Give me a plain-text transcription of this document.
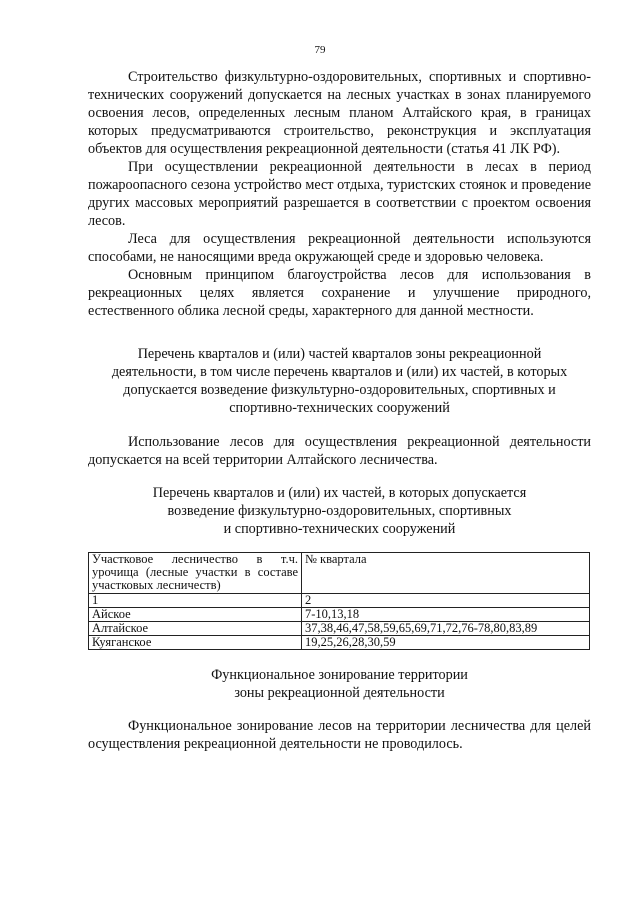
79

Строительство физкультурно-оздоровительных, спортивных и спортивно-технических сооружений допускается на лесных участках в зонах планируемого освоения лесов, определенных лесным планом Алтайского края, в границах которых предусматриваются строительство, реконструкция и эксплуатация объектов для осуществления рекреационной деятельности (статья 41 ЛК РФ).

При осуществлении рекреационной деятельности в лесах в период пожароопасного сезона устройство мест отдыха, туристских стоянок и проведение других массовых мероприятий разрешается в соответствии с проектом освоения лесов.

Леса для осуществления рекреационной деятельности используются способами, не наносящими вреда окружающей среде и здоровью человека.

Основным принципом благоустройства лесов для использования в рекреационных целях является сохранение и улучшение природного, естественного облика лесной среды, характерного для данной местности.

Перечень кварталов и (или) частей кварталов зоны рекреационной
деятельности, в том числе перечень кварталов и (или) их частей, в которых
допускается возведение физкультурно-оздоровительных, спортивных и
спортивно-технических сооружений

Использование лесов для осуществления рекреационной деятельности допускается на всей территории Алтайского лесничества.

Перечень кварталов и (или) их частей, в которых допускается
возведение физкультурно-оздоровительных, спортивных
и спортивно-технических сооружений
Участковое лесничество в т.ч. урочища (лесные участки в составе участковых лесничеств)	№ квартала
1	2
Айское	7-10,13,18
Алтайское	37,38,46,47,58,59,65,69,71,72,76-78,80,83,89
Куяганское	19,25,26,28,30,59
Функциональное зонирование территории
зоны рекреационной деятельности

Функциональное зонирование лесов на территории лесничества для целей осуществления рекреационной деятельности не проводилось.
